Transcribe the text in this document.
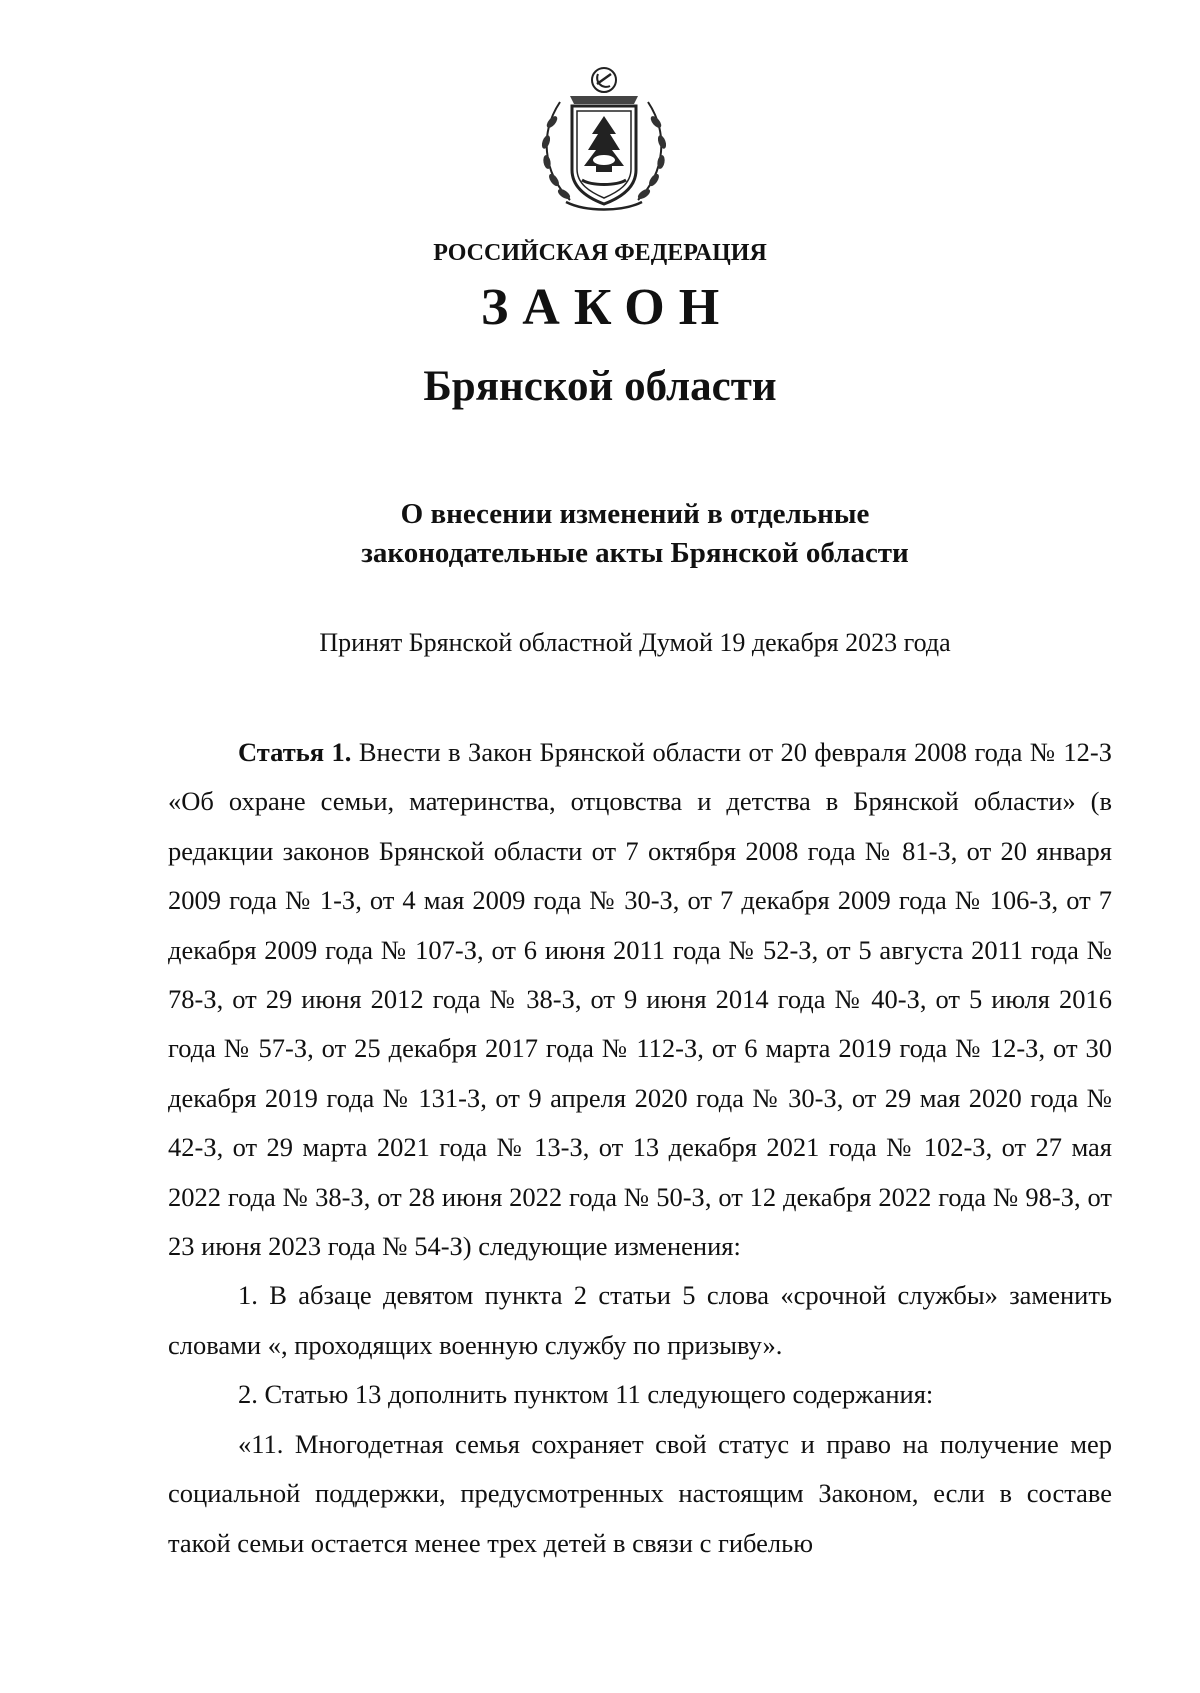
РОССИЙСКАЯ ФЕДЕРАЦИЯ
ЗАКОН
Брянской области
О внесении изменений в отдельные
законодательные акты Брянской области
Принят Брянской областной Думой 19 декабря 2023 года

Статья 1. Внести в Закон Брянской области от 20 февраля 2008 года № 12-З «Об охране семьи, материнства, отцовства и детства в Брянской области» (в редакции законов Брянской области от 7 октября 2008 года № 81-З, от 20 января 2009 года № 1-З, от 4 мая 2009 года № 30-З, от 7 декабря 2009 года № 106-З, от 7 декабря 2009 года № 107-З, от 6 июня 2011 года № 52-З, от 5 августа 2011 года № 78-З, от 29 июня 2012 года № 38-З, от 9 июня 2014 года № 40-З, от 5 июля 2016 года № 57-З, от 25 декабря 2017 года № 112-З, от 6 марта 2019 года № 12-З, от 30 декабря 2019 года № 131-З, от 9 апреля 2020 года № 30-З, от 29 мая 2020 года № 42-З, от 29 марта 2021 года № 13-З, от 13 декабря 2021 года № 102-З, от 27 мая 2022 года № 38-З, от 28 июня 2022 года № 50-З, от 12 декабря 2022 года № 98-З, от 23 июня 2023 года № 54-З) следующие изменения:

1. В абзаце девятом пункта 2 статьи 5 слова «срочной службы» заменить словами «, проходящих военную службу по призыву».

2. Статью 13 дополнить пунктом 11 следующего содержания:

«11. Многодетная семья сохраняет свой статус и право на получение мер социальной поддержки, предусмотренных настоящим Законом, если в составе такой семьи остается менее трех детей в связи с гибелью
